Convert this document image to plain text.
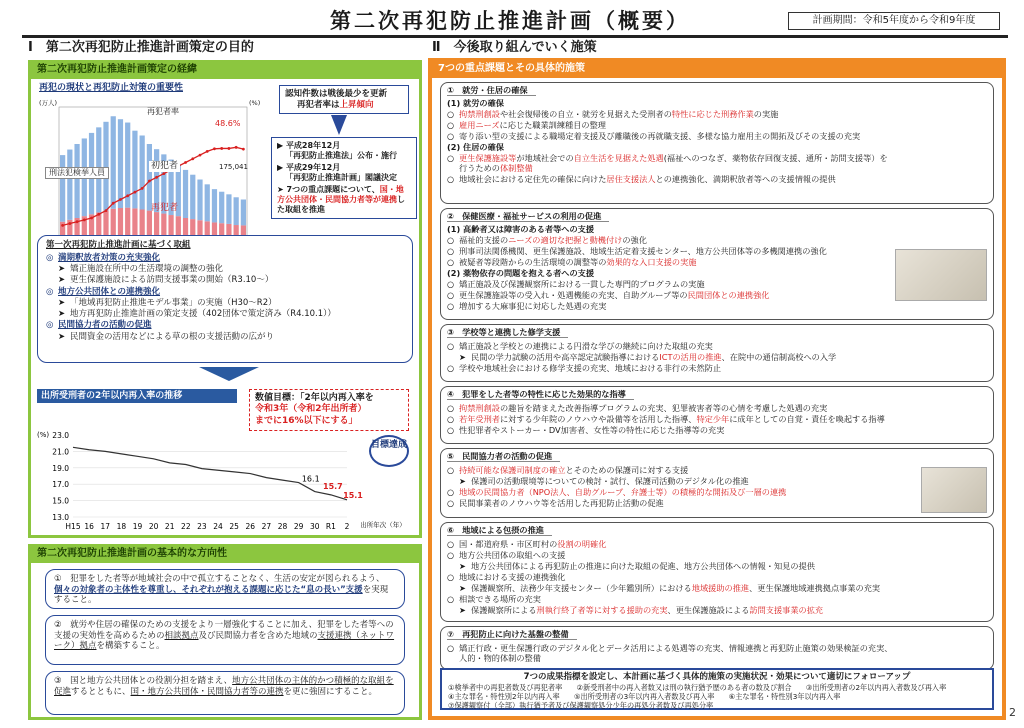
第二次再犯防止推進計画（概要）	計画期間：令和5年度から令和9年度
Ⅰ　第二次再犯防止推進計画策定の目的	Ⅱ　今後取り組んでいく施策
第二次再犯防止推進計画策定の経緯
再犯の現状と再犯防止対策の重要性
再犯者率
48.6%
刑法犯検挙人員
初犯者
再犯者
175,041
(万人)	(%)
認知件数は戦後最少を更新
再犯者率は上昇傾向
▶ 平成28年12月
「再犯防止推進法」公布・施行
▶ 平成29年12月
「再犯防止推進計画」閣議決定
➤ 7つの重点課題について、国・地方公共団体・民間協力者等が連携した取組を推進
第一次再犯防止推進計画に基づく取組
◎ 満期釈放者対策の充実強化
➤ 矯正施設在所中の生活環境の調整の強化
➤ 更生保護施設による訪問支援事業の開始（R3.10～）
◎ 地方公共団体との連携強化
➤ 「地域再犯防止推進モデル事業」の実施（H30～R2）
➤ 地方再犯防止推進計画の策定支援（402団体で策定済み（R4.10.1））
◎ 民間協力者の活動の促進
➤ 民間資金の活用などによる草の根の支援活動の広がり
出所受刑者の2年以内再入率の推移	数値目標：「2年以内再入率を
令和3年（令和2年出所者）
までに16%以下にする」
(%) 23.0
21.0
19.0
17.0
15.0
13.0
H15 16 17 18 19 20 21 22 23 24 25 26 27 28 29 30 R1 2 出所年次（年）
16.1
15.7
15.1
目標達成
第二次再犯防止推進計画の基本的な方向性
①　犯罪をした者等が地域社会の中で孤立することなく、生活の安定が図られるよう、個々の対象者の主体性を尊重し、それぞれが抱える課題に応じた“息の長い”支援を実現すること。
②　就労や住居の確保のための支援をより一層強化することに加え、犯罪をした者等への支援の実効性を高めるための相談拠点及び民間協力者を含めた地域の支援連携（ネットワーク）拠点を構築すること。
③　国と地方公共団体との役割分担を踏まえ、地方公共団体の主体的かつ積極的な取組を促進するとともに、国・地方公共団体・民間協力者等の連携を更に強固にすること。
7つの重点課題とその具体的施策
①　就労・住居の確保
(1) 就労の確保
○ 拘禁刑創設や社会復帰後の自立・就労を見据えた受刑者の特性に応じた刑務作業の実施
○ 雇用ニーズに応じた職業訓練種目の整理
○ 寄り添い型の支援による職場定着支援及び離職後の再就職支援、多様な協力雇用主の開拓及びその支援の充実
(2) 住居の確保
○ 更生保護施設等が地域社会での自立生活を見据えた処遇(福祉へのつなぎ、薬物依存回復支援、通所・訪問支援等）を
行うための体制整備
○ 地域社会における定住先の確保に向けた居住支援法人との連携強化、満期釈放者等への支援情報の提供
②　保健医療・福祉サービスの利用の促進
(1) 高齢者又は障害のある者等への支援
○ 福祉的支援のニーズの適切な把握と動機付けの強化
○ 刑事司法関係機関、更生保護施設、地域生活定着支援センター、地方公共団体等の多機関連携の強化
○ 被疑者等段階からの生活環境の調整等の効果的な入口支援の実施
(2) 薬物依存の問題を抱える者への支援
○ 矯正施設及び保護観察所における一貫した専門的プログラムの実施
○ 更生保護施設等の受入れ・処遇機能の充実、自助グループ等の民間団体との連携強化
○ 増加する大麻事犯に対応した処遇の充実
③　学校等と連携した修学支援
○ 矯正施設と学校との連携による円滑な学びの継続に向けた取組の充実
➤ 民間の学力試験の活用や高卒認定試験指導におけるICTの活用の推進、在院中の通信制高校への入学
○ 学校や地域社会における修学支援の充実、地域における非行の未然防止
④　犯罪をした者等の特性に応じた効果的な指導
○ 拘禁刑創設の趣旨を踏まえた改善指導プログラムの充実、犯罪被害者等の心情を考慮した処遇の充実
○ 若年受刑者に対する少年院のノウハウや設備等を活用した指導、特定少年に成年としての自覚・責任を喚起する指導
○ 性犯罪者やストーカー・DV加害者、女性等の特性に応じた指導等の充実
⑤　民間協力者の活動の促進
○ 持続可能な保護司制度の確立とそのための保護司に対する支援
➤ 保護司の活動環境等についての検討・試行、保護司活動のデジタル化の推進
○ 地域の民間協力者（NPO法人、自助グループ、弁護士等）の積極的な開拓及び一層の連携
○ 民間事業者のノウハウ等を活用した再犯防止活動の促進
⑥　地域による包摂の推進
○ 国・都道府県・市区町村の役割の明確化
○ 地方公共団体の取組への支援
➤ 地方公共団体による再犯防止の推進に向けた取組の促進、地方公共団体への情報・知見の提供
○ 地域における支援の連携強化
➤ 保護観察所、法務少年支援センター（少年鑑別所）における地域援助の推進、更生保護地域連携拠点事業の充実
○ 相談できる場所の充実
➤ 保護観察所による刑執行終了者等に対する援助の充実、更生保護施設による訪問支援事業の拡充
⑦　再犯防止に向けた基盤の整備
○ 矯正行政・更生保護行政のデジタル化とデータ活用による処遇等の充実、情報連携と再犯防止施策の効果検証の充実、
人的・物的体制の整備
7つの成果指標を設定し、本計画に基づく具体的施策の実施状況・効果について適切にフォローアップ
①検挙者中の再犯者数及び再犯者率　　②新受刑者中の再入者数又は刑の執行猶予歴のある者の数及び割合　　③出所受刑者の2年以内再入者数及び再入率
④主な罪名・特性別2年以内再入率　　⑤出所受刑者の3年以内再入者数及び再入率　　⑥主な罪名・特性別3年以内再入率
⑦保護観察付（全部）執行猶予者及び保護観察処分少年の再処分者数及び再処分率
2
